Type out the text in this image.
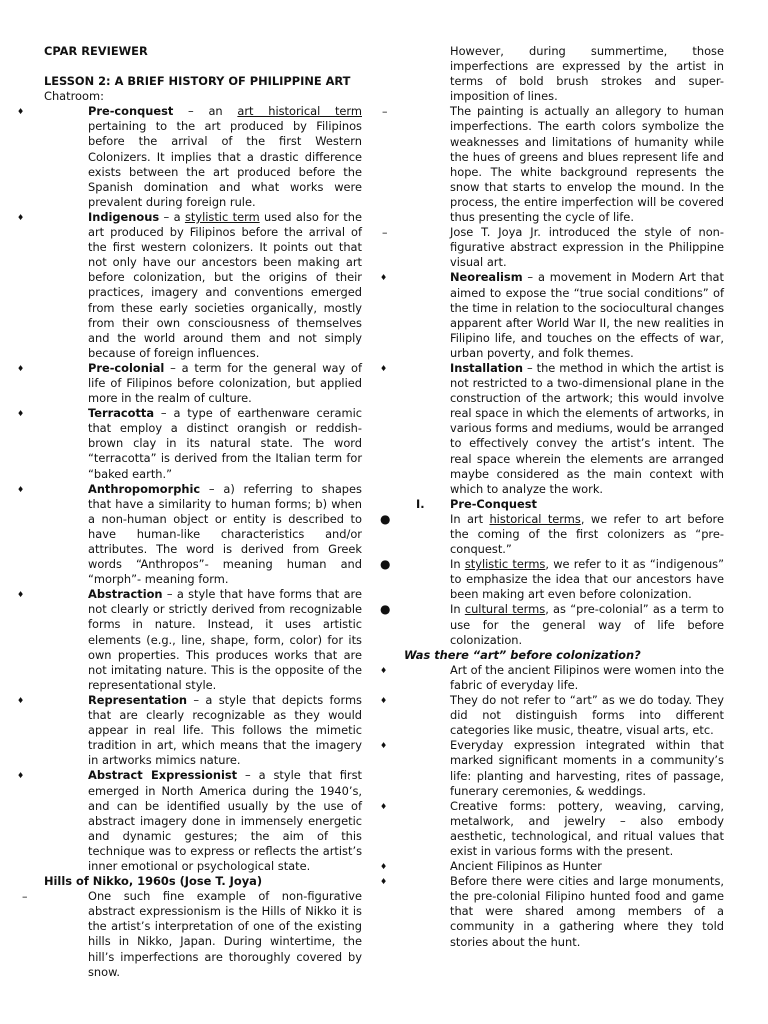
CPAR REVIEWER

LESSON 2: A BRIEF HISTORY OF PHILIPPINE ART

Chatroom:

♦	Pre-conquest – an art historical term pertaining to the art produced by Filipinos before the arrival of the first Western Colonizers. It implies that a drastic difference exists between the art produced before the Spanish domination and what works were prevalent during foreign rule.
♦	Indigenous – a stylistic term used also for the art produced by Filipinos before the arrival of the first western colonizers. It points out that not only have our ancestors been making art before colonization, but the origins of their practices, imagery and conventions emerged from these early societies organically, mostly from their own consciousness of themselves and the world around them and not simply because of foreign influences.
♦	Pre-colonial – a term for the general way of life of Filipinos before colonization, but applied more in the realm of culture.
♦	Terracotta – a type of earthenware ceramic that employ a distinct orangish or reddish-brown clay in its natural state. The word “terracotta” is derived from the Italian term for “baked earth.”
♦	Anthropomorphic – a) referring to shapes that have a similarity to human forms; b) when a non-human object or entity is described to have human-like characteristics and/or attributes. The word is derived from Greek words “Anthropos”- meaning human and “morph”- meaning form.
♦	Abstraction – a style that have forms that are not clearly or strictly derived from recognizable forms in nature. Instead, it uses artistic elements (e.g., line, shape, form, color) for its own properties. This produces works that are not imitating nature. This is the opposite of the representational style.
♦	Representation – a style that depicts forms that are clearly recognizable as they would appear in real life. This follows the mimetic tradition in art, which means that the imagery in artworks mimics nature.
♦	Abstract Expressionist – a style that first emerged in North America during the 1940’s, and can be identified usually by the use of abstract imagery done in immensely energetic and dynamic gestures; the aim of this technique was to express or reflects the artist’s inner emotional or psychological state.

Hills of Nikko, 1960s (Jose T. Joya)

–	One such fine example of non-figurative abstract expressionism is the Hills of Nikko it is the artist’s interpretation of one of the existing hills in Nikko, Japan. During wintertime, the hill’s imperfections are thoroughly covered by snow.

However, during summertime, those imperfections are expressed by the artist in terms of bold brush strokes and super-imposition of lines.

–	The painting is actually an allegory to human imperfections. The earth colors symbolize the weaknesses and limitations of humanity while the hues of greens and blues represent life and hope. The white background represents the snow that starts to envelop the mound. In the process, the entire imperfection will be covered thus presenting the cycle of life.
–	Jose T. Joya Jr. introduced the style of non-figurative abstract expression in the Philippine visual art.
♦	Neorealism – a movement in Modern Art that aimed to expose the “true social conditions” of the time in relation to the sociocultural changes apparent after World War II, the new realities in Filipino life, and touches on the effects of war, urban poverty, and folk themes.
♦	Installation – the method in which the artist is not restricted to a two-dimensional plane in the construction of the artwork; this would involve real space in which the elements of artworks, in various forms and mediums, would be arranged to effectively convey the artist’s intent. The real space wherein the elements are arranged maybe considered as the main context with which to analyze the work.

I. Pre-Conquest

●	In art historical terms, we refer to art before the coming of the first colonizers as “pre-conquest.”
●	In stylistic terms, we refer to it as “indigenous” to emphasize the idea that our ancestors have been making art even before colonization.
●	In cultural terms, as “pre-colonial” as a term to use for the general way of life before colonization.

Was there “art” before colonization?

♦	Art of the ancient Filipinos were women into the fabric of everyday life.
♦	They do not refer to “art” as we do today. They did not distinguish forms into different categories like music, theatre, visual arts, etc.
♦	Everyday expression integrated within that marked significant moments in a community’s life: planting and harvesting, rites of passage, funerary ceremonies, & weddings.
♦	Creative forms: pottery, weaving, carving, metalwork, and jewelry – also embody aesthetic, technological, and ritual values that exist in various forms with the present.
♦	Ancient Filipinos as Hunter
♦	Before there were cities and large monuments, the pre-colonial Filipino hunted food and game that were shared among members of a community in a gathering where they told stories about the hunt.
